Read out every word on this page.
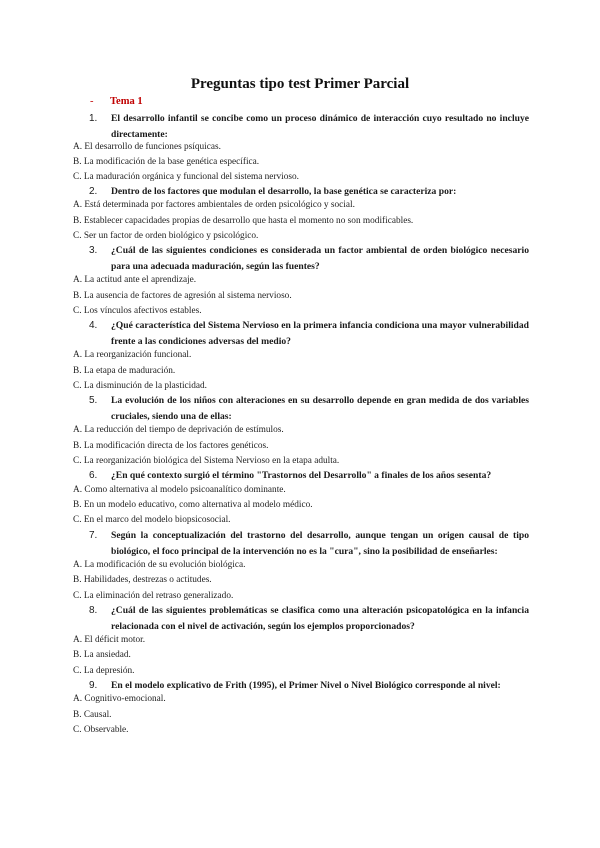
Preguntas tipo test Primer Parcial
- Tema 1
1. El desarrollo infantil se concibe como un proceso dinámico de interacción cuyo resultado no incluye directamente:
A. El desarrollo de funciones psíquicas.
B. La modificación de la base genética específica.
C. La maduración orgánica y funcional del sistema nervioso.
2. Dentro de los factores que modulan el desarrollo, la base genética se caracteriza por:
A. Está determinada por factores ambientales de orden psicológico y social.
B. Establecer capacidades propias de desarrollo que hasta el momento no son modificables.
C. Ser un factor de orden biológico y psicológico.
3. ¿Cuál de las siguientes condiciones es considerada un factor ambiental de orden biológico necesario para una adecuada maduración, según las fuentes?
A. La actitud ante el aprendizaje.
B. La ausencia de factores de agresión al sistema nervioso.
C. Los vínculos afectivos estables.
4. ¿Qué característica del Sistema Nervioso en la primera infancia condiciona una mayor vulnerabilidad frente a las condiciones adversas del medio?
A. La reorganización funcional.
B. La etapa de maduración.
C. La disminución de la plasticidad.
5. La evolución de los niños con alteraciones en su desarrollo depende en gran medida de dos variables cruciales, siendo una de ellas:
A. La reducción del tiempo de deprivación de estímulos.
B. La modificación directa de los factores genéticos.
C. La reorganización biológica del Sistema Nervioso en la etapa adulta.
6. ¿En qué contexto surgió el término "Trastornos del Desarrollo" a finales de los años sesenta?
A. Como alternativa al modelo psicoanalítico dominante.
B. En un modelo educativo, como alternativa al modelo médico.
C. En el marco del modelo biopsicosocial.
7. Según la conceptualización del trastorno del desarrollo, aunque tengan un origen causal de tipo biológico, el foco principal de la intervención no es la "cura", sino la posibilidad de enseñarles:
A. La modificación de su evolución biológica.
B. Habilidades, destrezas o actitudes.
C. La eliminación del retraso generalizado.
8. ¿Cuál de las siguientes problemáticas se clasifica como una alteración psicopatológica en la infancia relacionada con el nivel de activación, según los ejemplos proporcionados?
A. El déficit motor.
B. La ansiedad.
C. La depresión.
9. En el modelo explicativo de Frith (1995), el Primer Nivel o Nivel Biológico corresponde al nivel:
A. Cognitivo-emocional.
B. Causal.
C. Observable.
